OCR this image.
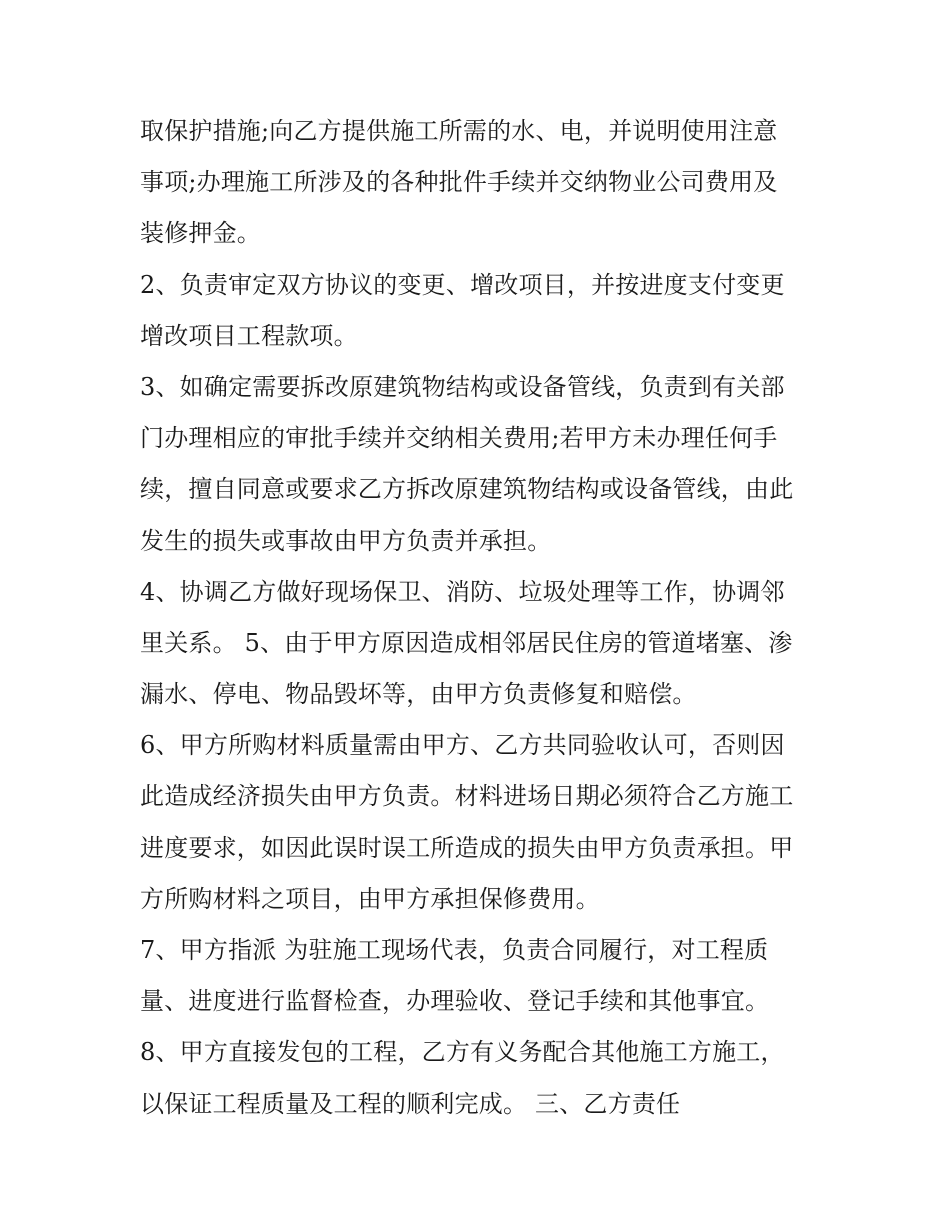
取保护措施;向乙方提供施工所需的水、电，并说明使用注意
事项;办理施工所涉及的各种批件手续并交纳物业公司费用及
装修押金。
2、负责审定双方协议的变更、增改项目，并按进度支付变更
增改项目工程款项。
3、如确定需要拆改原建筑物结构或设备管线，负责到有关部
门办理相应的审批手续并交纳相关费用;若甲方未办理任何手
续，擅自同意或要求乙方拆改原建筑物结构或设备管线，由此
发生的损失或事故由甲方负责并承担。
4、协调乙方做好现场保卫、消防、垃圾处理等工作，协调邻
里关系。 5、由于甲方原因造成相邻居民住房的管道堵塞、渗
漏水、停电、物品毁坏等，由甲方负责修复和赔偿。
6、甲方所购材料质量需由甲方、乙方共同验收认可，否则因
此造成经济损失由甲方负责。材料进场日期必须符合乙方施工
进度要求，如因此误时误工所造成的损失由甲方负责承担。甲
方所购材料之项目，由甲方承担保修费用。
7、甲方指派 为驻施工现场代表，负责合同履行，对工程质
量、进度进行监督检查，办理验收、登记手续和其他事宜。
8、甲方直接发包的工程，乙方有义务配合其他施工方施工，
以保证工程质量及工程的顺利完成。 三、乙方责任
